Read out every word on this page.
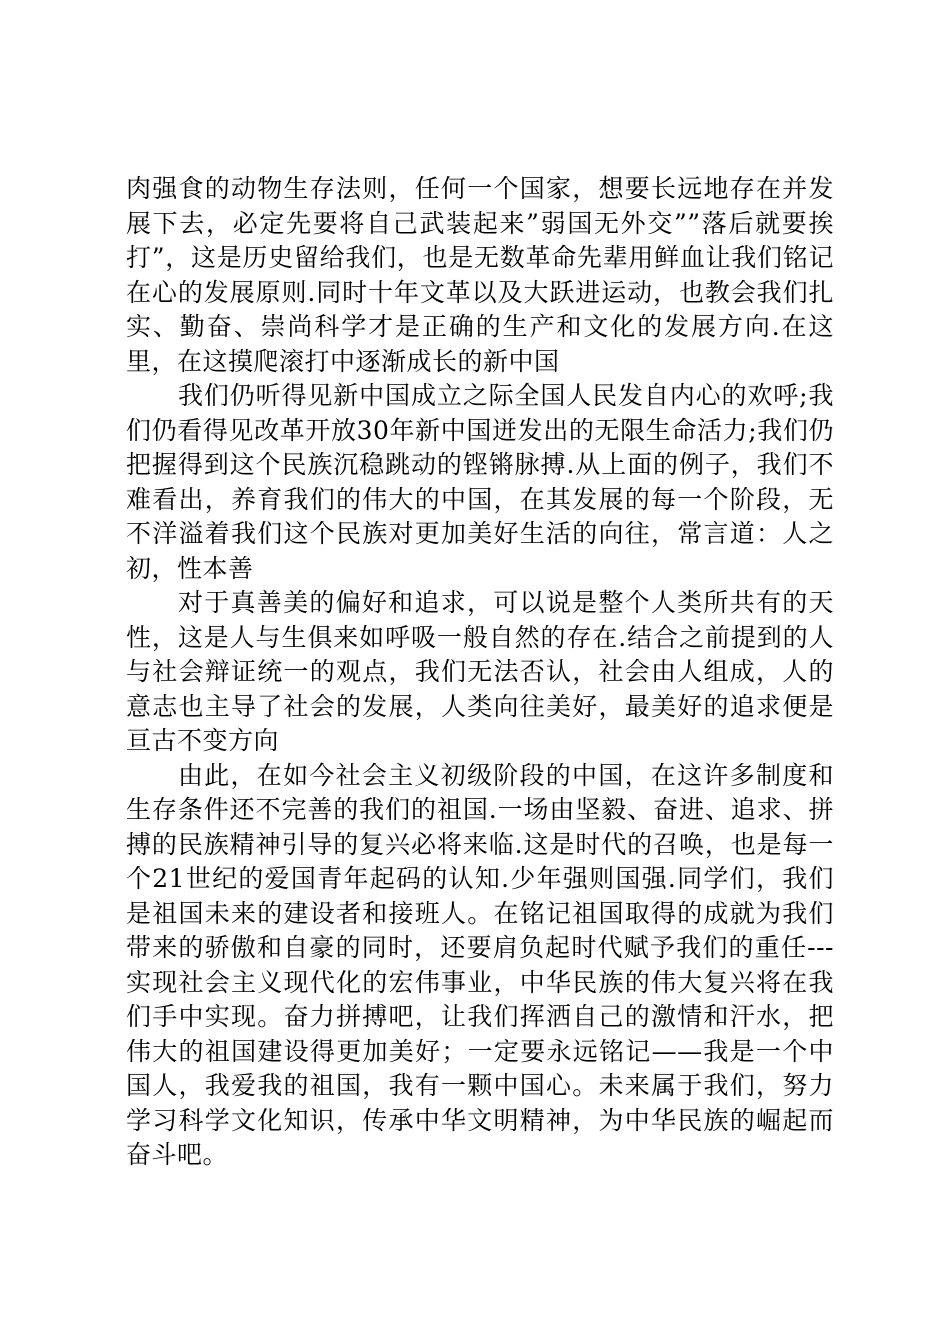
肉强食的动物生存法则，任何一个国家，想要长远地存在并发展下去，必定先要将自己武装起来”弱国无外交””落后就要挨打”，这是历史留给我们，也是无数革命先辈用鲜血让我们铭记在心的发展原则.同时十年文革以及大跃进运动，也教会我们扎实、勤奋、崇尚科学才是正确的生产和文化的发展方向.在这里，在这摸爬滚打中逐渐成长的新中国

我们仍听得见新中国成立之际全国人民发自内心的欢呼;我们仍看得见改革开放30年新中国迸发出的无限生命活力;我们仍把握得到这个民族沉稳跳动的铿锵脉搏.从上面的例子，我们不难看出，养育我们的伟大的中国，在其发展的每一个阶段，无不洋溢着我们这个民族对更加美好生活的向往，常言道：人之初，性本善

对于真善美的偏好和追求，可以说是整个人类所共有的天性，这是人与生俱来如呼吸一般自然的存在.结合之前提到的人与社会辩证统一的观点，我们无法否认，社会由人组成，人的意志也主导了社会的发展，人类向往美好，最美好的追求便是亘古不变方向

由此，在如今社会主义初级阶段的中国，在这许多制度和生存条件还不完善的我们的祖国.一场由坚毅、奋进、追求、拼搏的民族精神引导的复兴必将来临.这是时代的召唤，也是每一个21世纪的爱国青年起码的认知.少年强则国强.同学们，我们是祖国未来的建设者和接班人。在铭记祖国取得的成就为我们带来的骄傲和自豪的同时，还要肩负起时代赋予我们的重任---实现社会主义现代化的宏伟事业，中华民族的伟大复兴将在我们手中实现。奋力拼搏吧，让我们挥洒自己的激情和汗水，把伟大的祖国建设得更加美好；一定要永远铭记——我是一个中国人，我爱我的祖国，我有一颗中国心。未来属于我们，努力学习科学文化知识，传承中华文明精神，为中华民族的崛起而奋斗吧。
